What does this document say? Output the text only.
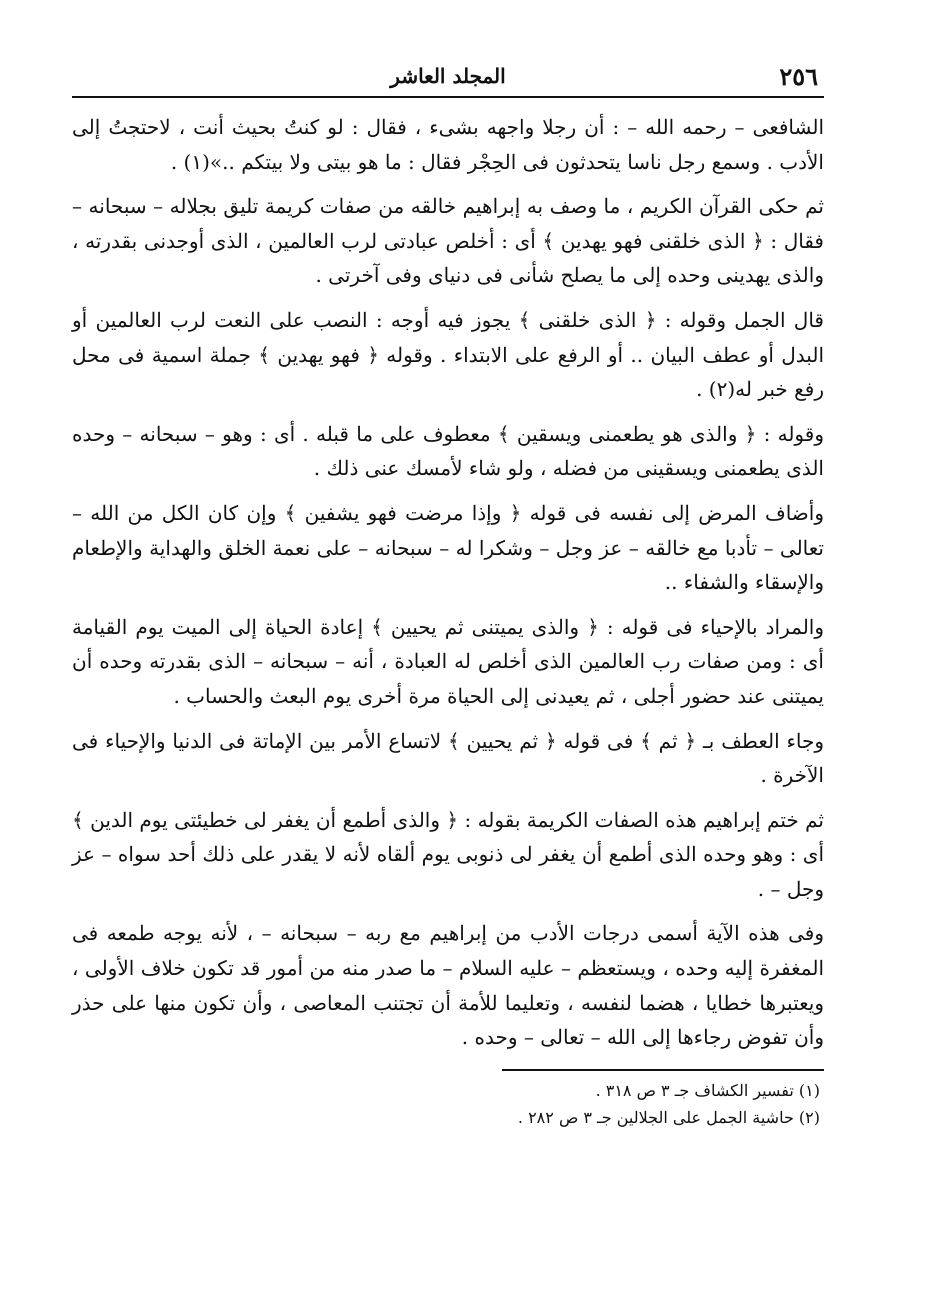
٢٥٦
المجلد العاشر

الشافعى – رحمه الله – : أن رجلا واجهه بشىء ، فقال : لو كنتُ بحيث أنت ، لاحتجتُ إلى الأدب . وسمع رجل ناسا يتحدثون فى الحِجْر فقال : ما هو بيتى ولا بيتكم ..»(١) .

ثم حكى القرآن الكريم ، ما وصف به إبراهيم خالقه من صفات كريمة تليق بجلاله – سبحانه – فقال : ﴿ الذى خلقنى فهو يهدين ﴾ أى : أخلص عبادتى لرب العالمين ، الذى أوجدنى بقدرته ، والذى يهدينى وحده إلى ما يصلح شأنى فى دنياى وفى آخرتى .

قال الجمل وقوله : ﴿ الذى خلقنى ﴾ يجوز فيه أوجه : النصب على النعت لرب العالمين أو البدل أو عطف البيان .. أو الرفع على الابتداء . وقوله ﴿ فهو يهدين ﴾ جملة اسمية فى محل رفع خبر له(٢) .

وقوله : ﴿ والذى هو يطعمنى ويسقين ﴾ معطوف على ما قبله . أى : وهو – سبحانه – وحده الذى يطعمنى ويسقينى من فضله ، ولو شاء لأمسك عنى ذلك .

وأضاف المرض إلى نفسه فى قوله ﴿ وإذا مرضت فهو يشفين ﴾ وإن كان الكل من الله – تعالى – تأدبا مع خالقه – عز وجل – وشكرا له – سبحانه – على نعمة الخلق والهداية والإطعام والإسقاء والشفاء ..

والمراد بالإحياء فى قوله : ﴿ والذى يميتنى ثم يحيين ﴾ إعادة الحياة إلى الميت يوم القيامة أى : ومن صفات رب العالمين الذى أخلص له العبادة ، أنه – سبحانه – الذى بقدرته وحده أن يميتنى عند حضور أجلى ، ثم يعيدنى إلى الحياة مرة أخرى يوم البعث والحساب .

وجاء العطف بـ ﴿ ثم ﴾ فى قوله ﴿ ثم يحيين ﴾ لاتساع الأمر بين الإماتة فى الدنيا والإحياء فى الآخرة .

ثم ختم إبراهيم هذه الصفات الكريمة بقوله : ﴿ والذى أطمع أن يغفر لى خطيئتى يوم الدين ﴾ أى : وهو وحده الذى أطمع أن يغفر لى ذنوبى يوم ألقاه لأنه لا يقدر على ذلك أحد سواه – عز وجل – .

وفى هذه الآية أسمى درجات الأدب من إبراهيم مع ربه – سبحانه – ، لأنه يوجه طمعه فى المغفرة إليه وحده ، ويستعظم – عليه السلام – ما صدر منه من أمور قد تكون خلاف الأولى ، ويعتبرها خطايا ، هضما لنفسه ، وتعليما للأمة أن تجتنب المعاصى ، وأن تكون منها على حذر وأن تفوض رجاءها إلى الله – تعالى – وحده .

(١) تفسير الكشاف جـ ٣ ص ٣١٨ .

(٢) حاشية الجمل على الجلالين جـ ٣ ص ٢٨٢ .
